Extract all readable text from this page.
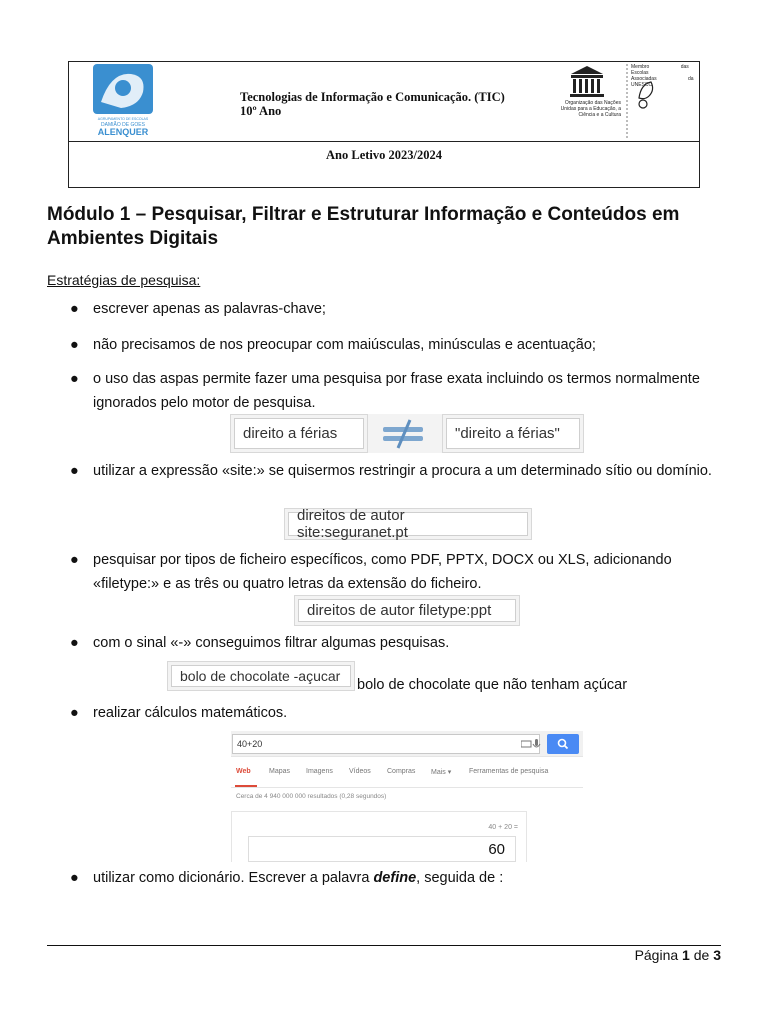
AGRUPAMENTO DE ESCOLAS
DAMIÃO DE GOES
ALENQUER
Tecnologias de Informação e Comunicação. (TIC)
10º Ano
Organização das Nações Unidas para a Educação, a Ciência e a Cultura
Membro das Escolas Associadas da UNESCO
Ano Letivo 2023/2024
Módulo 1 – Pesquisar, Filtrar e Estruturar Informação e Conteúdos em Ambientes Digitais
Estratégias de pesquisa:
● escrever apenas as palavras-chave;
● não precisamos de nos preocupar com maiúsculas, minúsculas e acentuação;
● o uso das aspas permite fazer uma pesquisa por frase exata incluindo os termos normalmente ignorados pelo motor de pesquisa.
direito a férias	"direito a férias"
● utilizar a expressão «site:» se quisermos restringir a procura a um determinado sítio ou domínio.
direitos de autor site:seguranet.pt
● pesquisar por tipos de ficheiro específicos, como PDF, PPTX, DOCX ou XLS, adicionando «filetype:» e as três ou quatro letras da extensão do ficheiro.
direitos de autor filetype:ppt
● com o sinal «-» conseguimos filtrar algumas pesquisas.
bolo de chocolate -açucar
bolo de chocolate que não tenham açúcar
● realizar cálculos matemáticos.
40+20
Web	Mapas Imagens Vídeos Compras Mais ▾	Ferramentas de pesquisa
Cerca de 4 940 000 000 resultados (0,28 segundos)
40 + 20 =
60
● utilizar como dicionário. Escrever a palavra define, seguida de :
Página 1 de 3
